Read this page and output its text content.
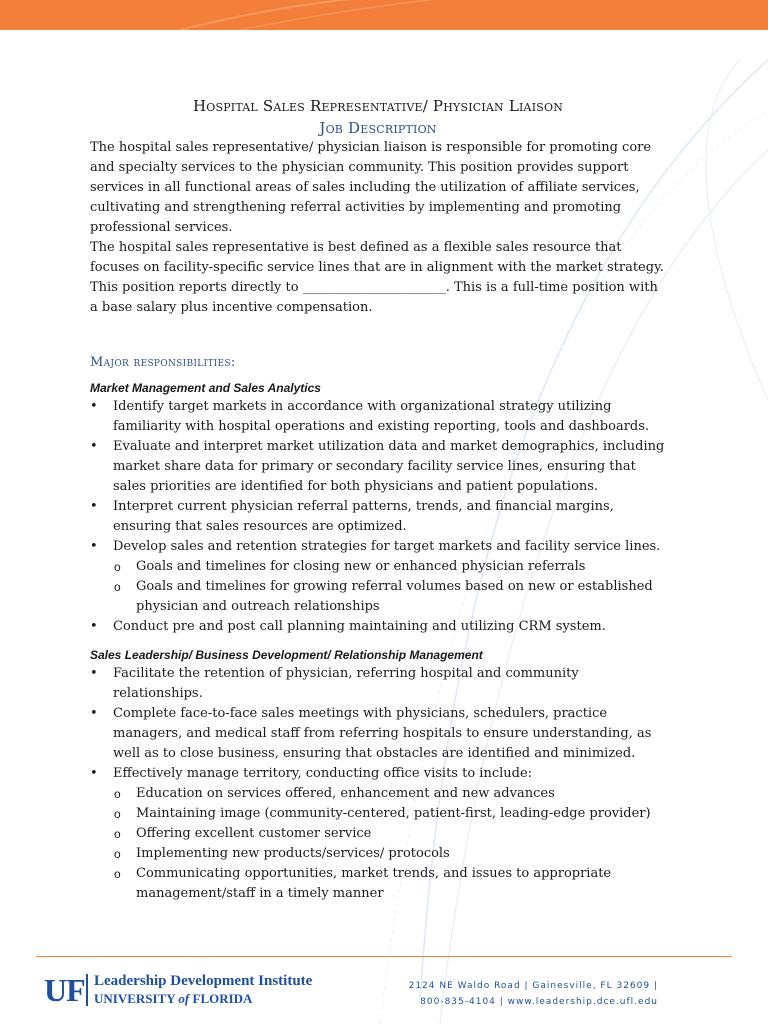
Hospital Sales Representative/ Physician Liaison
Job Description

The hospital sales representative/ physician liaison is responsible for promoting core and specialty services to the physician community. This position provides support services in all functional areas of sales including the utilization of affiliate services, cultivating and strengthening referral activities by implementing and promoting professional services.

The hospital sales representative is best defined as a flexible sales resource that focuses on facility-specific service lines that are in alignment with the market strategy. This position reports directly to ______________________. This is a full-time position with a base salary plus incentive compensation.

Major responsibilities:
Market Management and Sales Analytics
•	Identify target markets in accordance with organizational strategy utilizing familiarity with hospital operations and existing reporting, tools and dashboards.
•	Evaluate and interpret market utilization data and market demographics, including market share data for primary or secondary facility service lines, ensuring that sales priorities are identified for both physicians and patient populations.
•	Interpret current physician referral patterns, trends, and financial margins, ensuring that sales resources are optimized.
•	Develop sales and retention strategies for target markets and facility service lines.
o Goals and timelines for closing new or enhanced physician referrals
o Goals and timelines for growing referral volumes based on new or established physician and outreach relationships
•	Conduct pre and post call planning maintaining and utilizing CRM system.
Sales Leadership/ Business Development/ Relationship Management
•	Facilitate the retention of physician, referring hospital and community relationships.
•	Complete face-to-face sales meetings with physicians, schedulers, practice managers, and medical staff from referring hospitals to ensure understanding, as well as to close business, ensuring that obstacles are identified and minimized.
•	Effectively manage territory, conducting office visits to include:
o Education on services offered, enhancement and new advances
o Maintaining image (community-centered, patient-first, leading-edge provider)
o Offering excellent customer service
o Implementing new products/services/ protocols
o Communicating opportunities, market trends, and issues to appropriate management/staff in a timely manner
UF Leadership Development Institute
UNIVERSITY of FLORIDA
2124 NE Waldo Road | Gainesville, FL 32609 |
800-835-4104 | www.leadership.dce.ufl.edu
